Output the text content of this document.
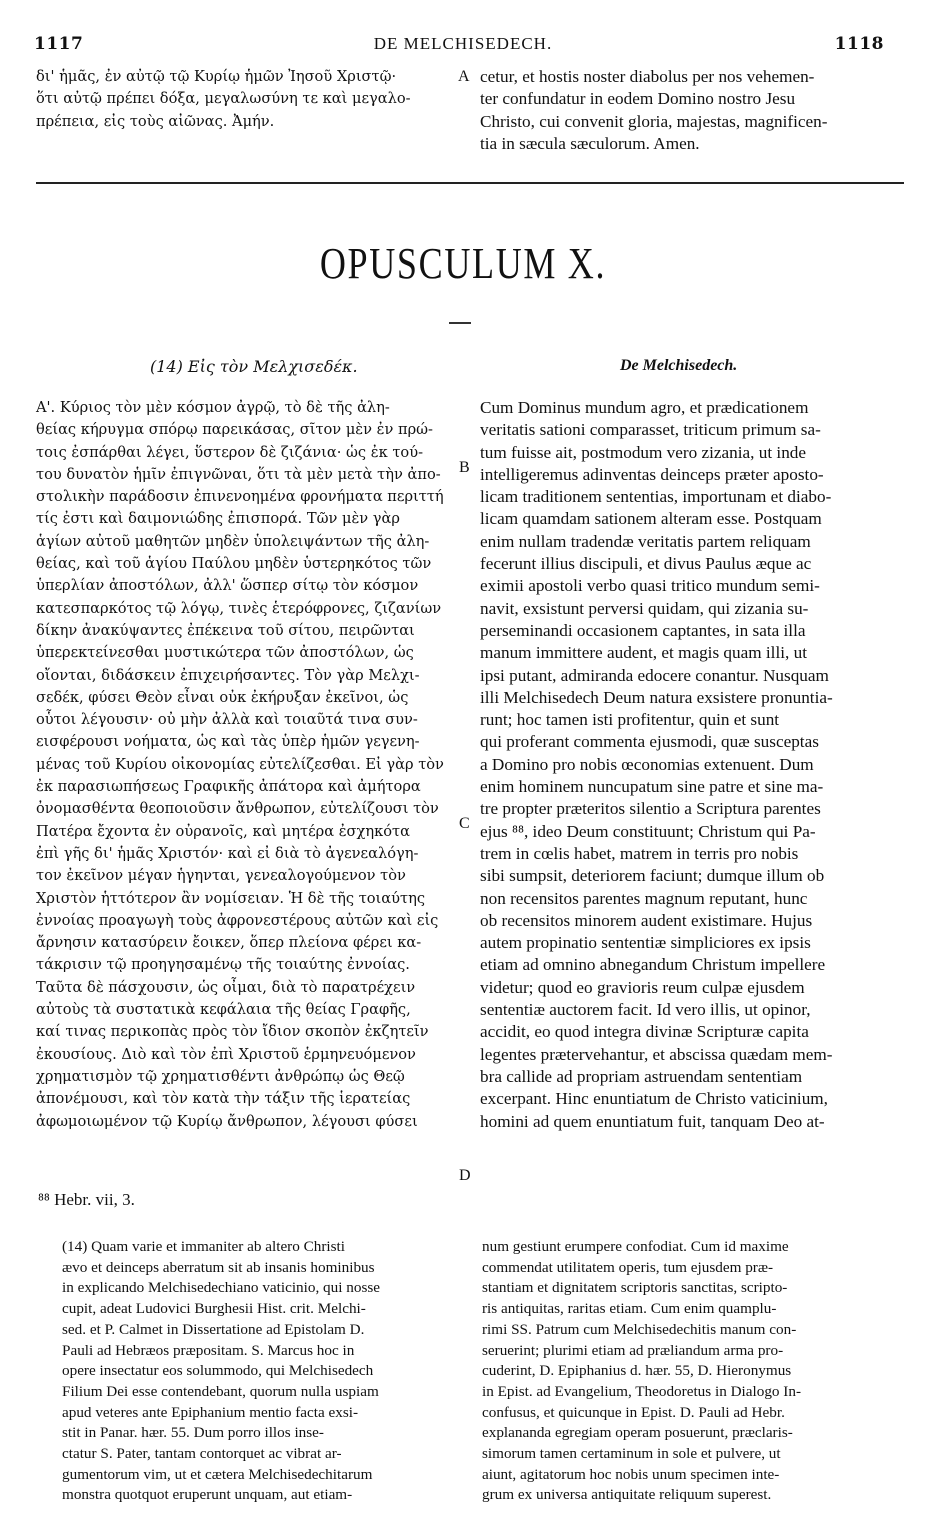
1117	DE MELCHISEDECH.	1118

δι' ἡμᾶς, ἐν αὐτῷ τῷ Κυρίῳ ἡμῶν Ἰησοῦ Χριστῷ·

ὅτι αὐτῷ πρέπει δόξα, μεγαλωσύνη τε καὶ μεγαλο-

πρέπεια, εἰς τοὺς αἰῶνας. Ἀμήν.

A cetur, et hostis noster diabolus per nos vehemen-

ter confundatur in eodem Domino nostro Jesu

Christo, cui convenit gloria, majestas, magnificen-

tia in sæcula sæculorum. Amen.

OPUSCULUM X.
(14) Εἰς τὸν Μελχισεδέκ.	De Melchisedech.

Α'. Κύριος τὸν μὲν κόσμον ἀγρῷ, τὸ δὲ τῆς ἀλη-

θείας κήρυγμα σπόρῳ παρεικάσας, σῖτον μὲν ἐν πρώ-

τοις ἐσπάρθαι λέγει, ὕστερον δὲ ζιζάνια· ὡς ἐκ τού-

του δυνατὸν ἡμῖν ἐπιγνῶναι, ὅτι τὰ μὲν μετὰ τὴν ἀπο-

στολικὴν παράδοσιν ἐπινενοημένα φρονήματα περιττή

τίς ἐστι καὶ δαιμονιώδης ἐπισπορά. Τῶν μὲν γὰρ

ἁγίων αὐτοῦ μαθητῶν μηδὲν ὑπολειψάντων τῆς ἀλη-

θείας, καὶ τοῦ ἁγίου Παύλου μηδὲν ὑστερηκότος τῶν

ὑπερλίαν ἀποστόλων, ἀλλ' ὥσπερ σίτῳ τὸν κόσμον

κατεσπαρκότος τῷ λόγῳ, τινὲς ἑτερόφρονες, ζιζανίων

δίκην ἀνακύψαντες ἐπέκεινα τοῦ σίτου, πειρῶνται

ὑπερεκτείνεσθαι μυστικώτερα τῶν ἀποστόλων, ὡς

οἴονται, διδάσκειν ἐπιχειρήσαντες. Τὸν γὰρ Μελχι-

σεδέκ, φύσει Θεὸν εἶναι οὐκ ἐκήρυξαν ἐκεῖνοι, ὡς

οὗτοι λέγουσιν· οὐ μὴν ἀλλὰ καὶ τοιαῦτά τινα συν-

εισφέρουσι νοήματα, ὡς καὶ τὰς ὑπὲρ ἡμῶν γεγενη-

μένας τοῦ Κυρίου οἰκονομίας εὐτελίζεσθαι. Εἰ γὰρ τὸν

ἐκ παρασιωπήσεως Γραφικῆς ἀπάτορα καὶ ἀμήτορα

ὀνομασθέντα θεοποιοῦσιν ἄνθρωπον, εὐτελίζουσι τὸν

Πατέρα ἔχοντα ἐν οὐρανοῖς, καὶ μητέρα ἐσχηκότα

ἐπὶ γῆς δι' ἡμᾶς Χριστόν· καὶ εἰ διὰ τὸ ἀγενεαλόγη-

τον ἐκεῖνον μέγαν ἡγηνται, γενεαλογούμενον τὸν

Χριστὸν ἡττότερον ἂν νομίσειαν. Ἡ δὲ τῆς τοιαύτης

ἐννοίας προαγωγὴ τοὺς ἀφρονεστέρους αὐτῶν καὶ εἰς

ἄρνησιν κατασύρειν ἔοικεν, ὅπερ πλείονα φέρει κα-

τάκρισιν τῷ προηγησαμένῳ τῆς τοιαύτης ἐννοίας.

Ταῦτα δὲ πάσχουσιν, ὡς οἶμαι, διὰ τὸ παρατρέχειν

αὐτοὺς τὰ συστατικὰ κεφάλαια τῆς θείας Γραφῆς,

καί τινας περικοπὰς πρὸς τὸν ἴδιον σκοπὸν ἐκζητεῖν

ἐκουσίους. Διὸ καὶ τὸν ἐπὶ Χριστοῦ ἑρμηνευόμενον

χρηματισμὸν τῷ χρηματισθέντι ἀνθρώπῳ ὡς Θεῷ

ἀπονέμουσι, καὶ τὸν κατὰ τὴν τάξιν τῆς ἱερατείας

ἀφωμοιωμένον τῷ Κυρίῳ ἄνθρωπον, λέγουσι φύσει

B
C
D

Cum Dominus mundum agro, et prædicationem

veritatis sationi comparasset, triticum primum sa-

tum fuisse ait, postmodum vero zizania, ut inde

intelligeremus adinventas deinceps præter aposto-

licam traditionem sententias, importunam et diabo-

licam quamdam sationem alteram esse. Postquam

enim nullam tradendæ veritatis partem reliquam

fecerunt illius discipuli, et divus Paulus æque ac

eximii apostoli verbo quasi tritico mundum semi-

navit, exsistunt perversi quidam, qui zizania su-

perseminandi occasionem captantes, in sata illa

manum immittere audent, et magis quam illi, ut

ipsi putant, admiranda edocere conantur. Nusquam

illi Melchisedech Deum natura exsistere pronuntia-

runt; hoc tamen isti profitentur, quin et sunt

qui proferant commenta ejusmodi, quæ susceptas

a Domino pro nobis œconomias extenuent. Dum

enim hominem nuncupatum sine patre et sine ma-

tre propter præteritos silentio a Scriptura parentes

ejus ⁸⁸, ideo Deum constituunt; Christum qui Pa-

trem in cœlis habet, matrem in terris pro nobis

sibi sumpsit, deteriorem faciunt; dumque illum ob

non recensitos parentes magnum reputant, hunc

ob recensitos minorem audent existimare. Hujus

autem propinatio sententiæ simpliciores ex ipsis

etiam ad omnino abnegandum Christum impellere

videtur; quod eo gravioris reum culpæ ejusdem

sententiæ auctorem facit. Id vero illis, ut opinor,

accidit, eo quod integra divinæ Scripturæ capita

legentes prætervehantur, et abscissa quædam mem-

bra callide ad propriam astruendam sententiam

excerpant. Hinc enuntiatum de Christo vaticinium,

homini ad quem enuntiatum fuit, tanquam Deo at-

⁸⁸ Hebr. vii, 3.

(14) Quam varie et immaniter ab altero Christi

ævo et deinceps aberratum sit ab insanis hominibus

in explicando Melchisedechiano vaticinio, qui nosse

cupit, adeat Ludovici Burghesii Hist. crit. Melchi-

sed. et P. Calmet in Dissertatione ad Epistolam D.

Pauli ad Hebræos præpositam. S. Marcus hoc in

opere insectatur eos solummodo, qui Melchisedech

Filium Dei esse contendebant, quorum nulla uspiam

apud veteres ante Epiphanium mentio facta exsi-

stit in Panar. hær. 55. Dum porro illos inse-

ctatur S. Pater, tantam contorquet ac vibrat ar-

gumentorum vim, ut et cætera Melchisedechitarum

monstra quotquot eruperunt unquam, aut etiam-

num gestiunt erumpere confodiat. Cum id maxime

commendat utilitatem operis, tum ejusdem præ-

stantiam et dignitatem scriptoris sanctitas, scripto-

ris antiquitas, raritas etiam. Cum enim quamplu-

rimi SS. Patrum cum Melchisedechitis manum con-

seruerint; plurimi etiam ad præliandum arma pro-

cuderint, D. Epiphanius d. hær. 55, D. Hieronymus

in Epist. ad Evangelium, Theodoretus in Dialogo In-

confusus, et quicunque in Epist. D. Pauli ad Hebr.

explananda egregiam operam posuerunt, præclaris-

simorum tamen certaminum in sole et pulvere, ut

aiunt, agitatorum hoc nobis unum specimen inte-

grum ex universa antiquitate reliquum superest.
